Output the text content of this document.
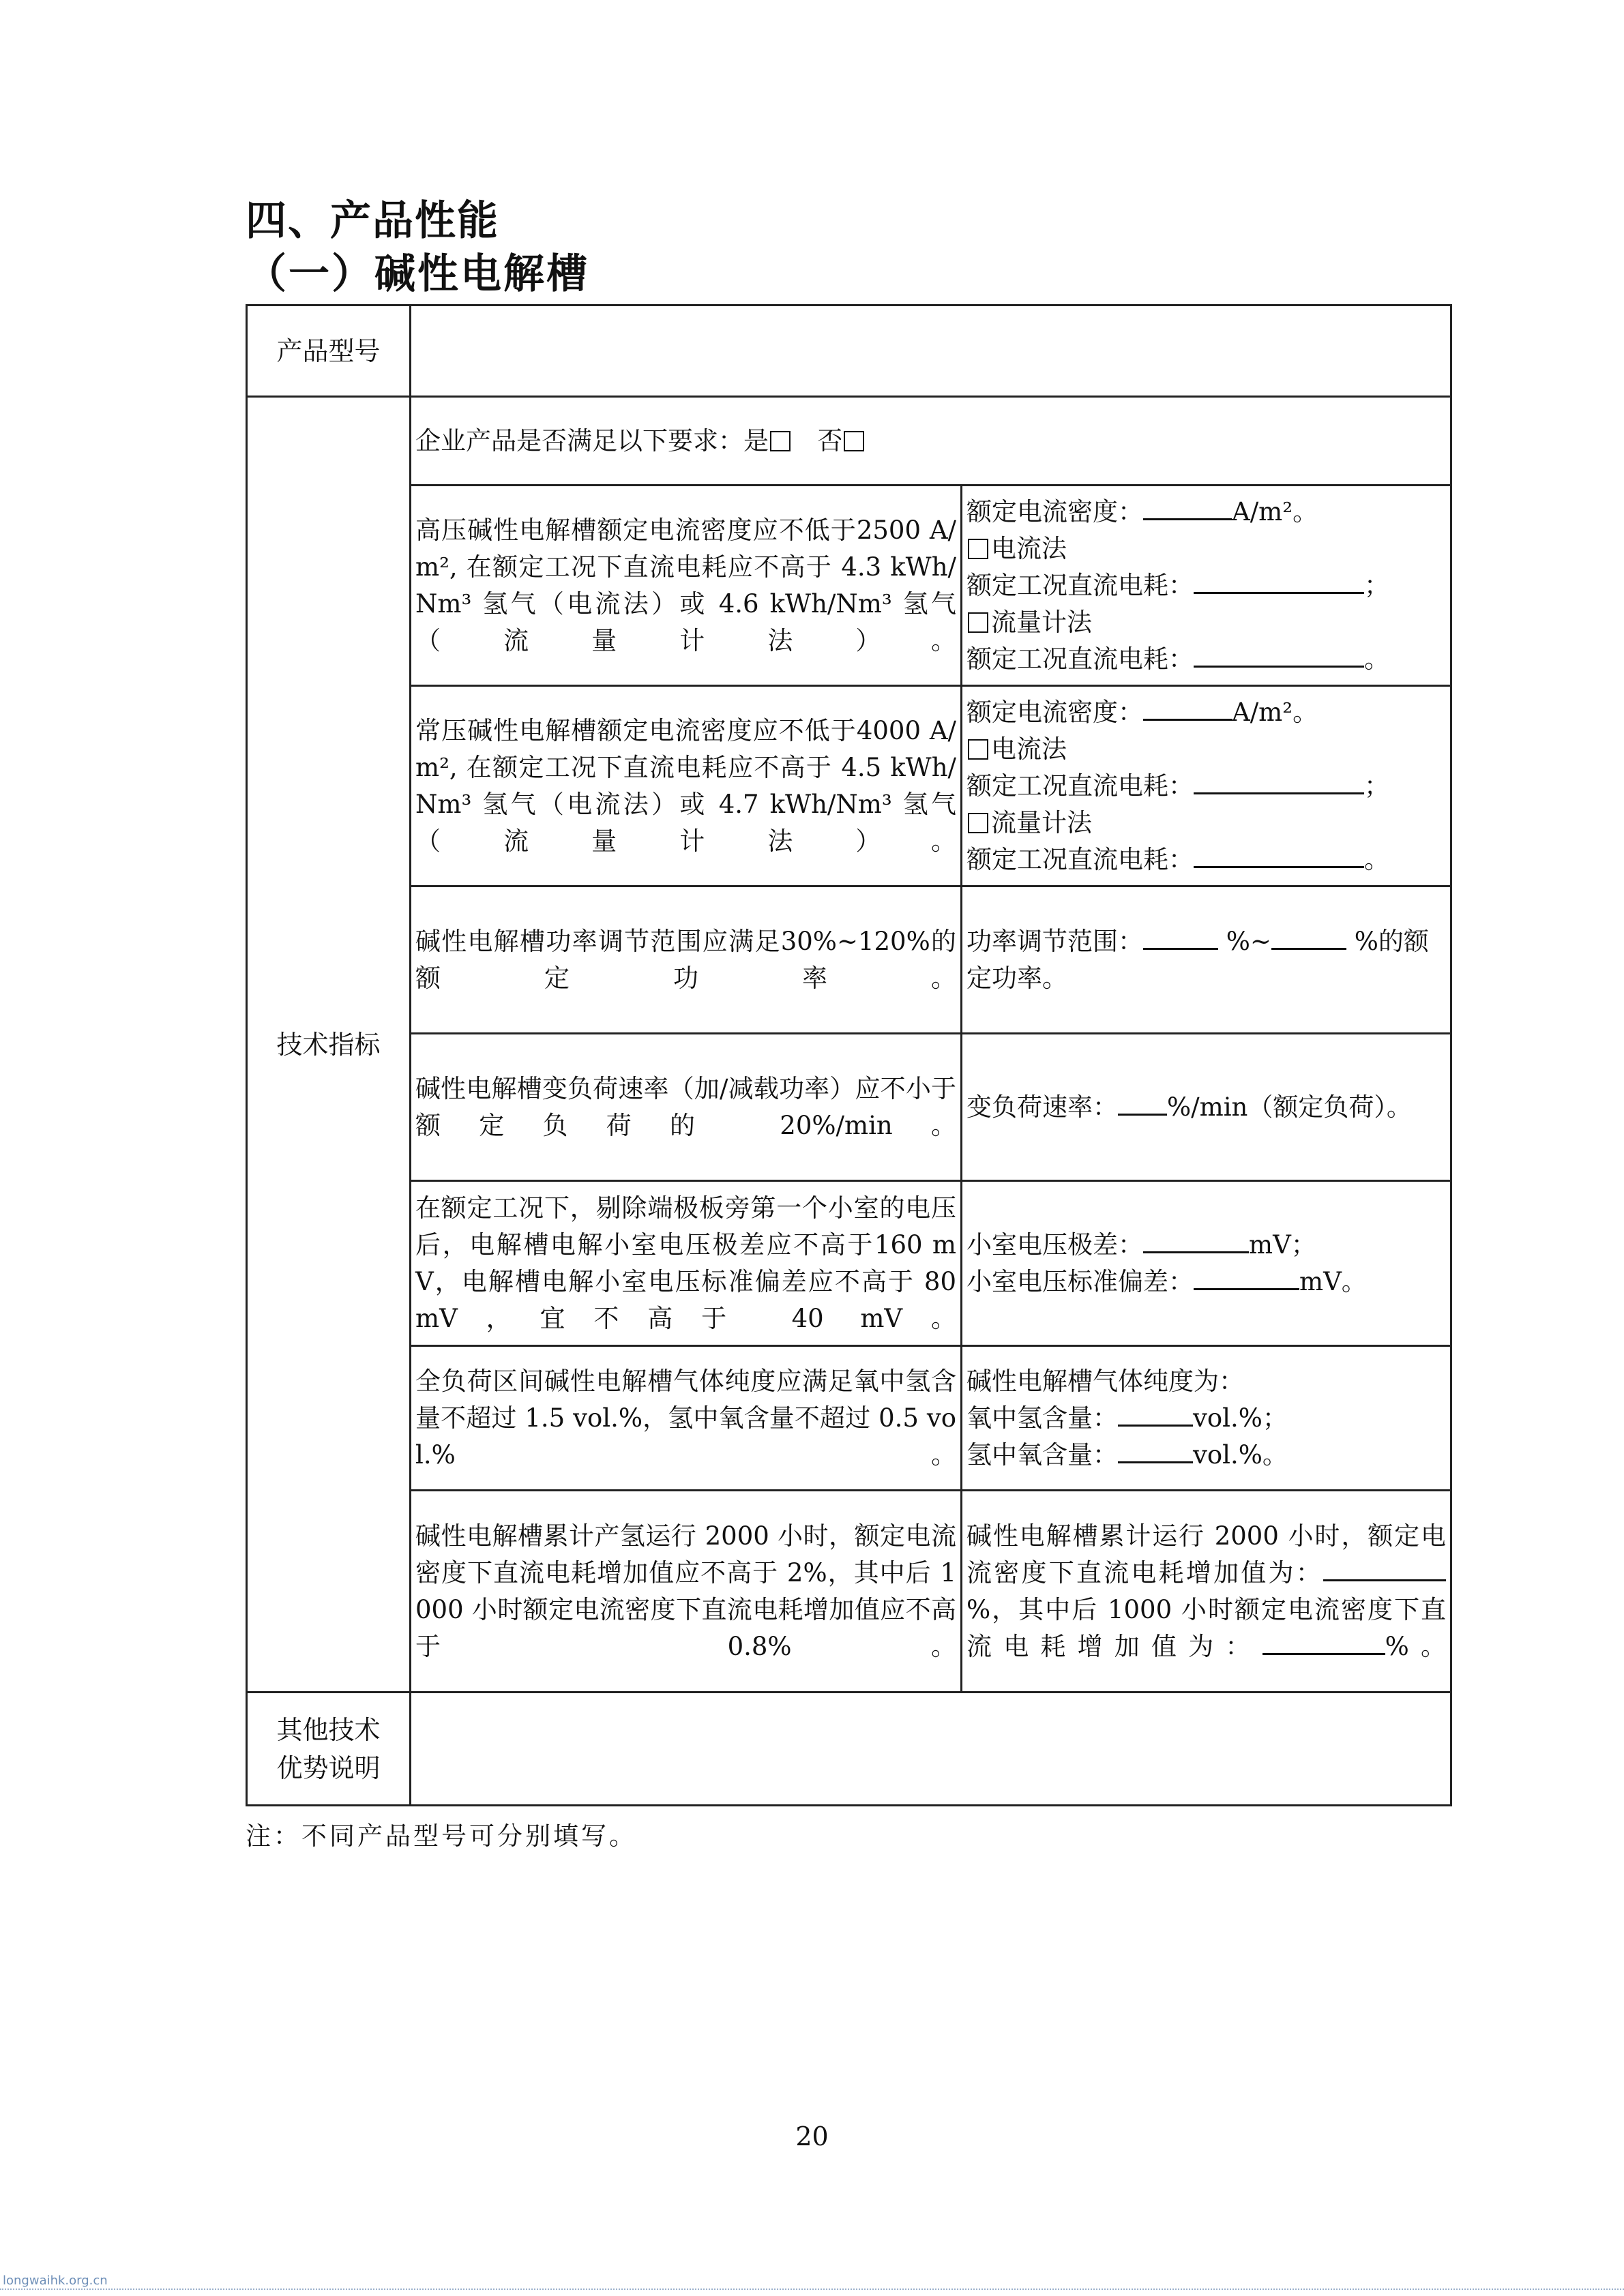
四、产品性能
（一）碱性电解槽
产品型号		
技术指标	企业产品是否满足以下要求：是 否	
	高压碱性电解槽额定电流密度应不低于2500 A/m², 在额定工况下直流电耗应不高于 4.3 kWh/Nm³ 氢气（电流法）或 4.6 kWh/Nm³ 氢气（流量计法）。	额定电流密度： A/m²。
电流法
额定工况直流电耗： ；
流量计法
额定工况直流电耗： 。

	常压碱性电解槽额定电流密度应不低于4000 A/m², 在额定工况下直流电耗应不高于 4.5 kWh/Nm³ 氢气（电流法）或 4.7 kWh/Nm³ 氢气（流量计法）。	额定电流密度： A/m²。
电流法
额定工况直流电耗： ；
流量计法
额定工况直流电耗： 。

	碱性电解槽功率调节范围应满足30%~120%的额定功率。	功率调节范围： %~ %的额定功率。
	碱性电解槽变负荷速率（加/减载功率）应不小于额定负荷的 20%/min。	变负荷速率： %/min（额定负荷）。
	在额定工况下，剔除端极板旁第一个小室的电压后，电解槽电解小室电压极差应不高于160 mV，电解槽电解小室电压标准偏差应不高于 80 mV，宜不高于 40 mV。	小室电压极差： mV；
小室电压标准偏差： mV。

	全负荷区间碱性电解槽气体纯度应满足氧中氢含量不超过 1.5 vol.%，氢中氧含量不超过 0.5 vol.%。	碱性电解槽气体纯度为：
氧中氢含量： vol.%；
氢中氧含量： vol.%。

	碱性电解槽累计产氢运行 2000 小时，额定电流密度下直流电耗增加值应不高于 2%，其中后 1000 小时额定电流密度下直流电耗增加值应不高于 0.8%。	碱性电解槽累计运行 2000 小时，额定电流密度下直流电耗增加值为：%，其中后 1000 小时额定电流密度下直流电耗增加值为： %。

其他技术
优势说明		

注：不同产品型号可分别填写。
20
longwaihk.org.cn
